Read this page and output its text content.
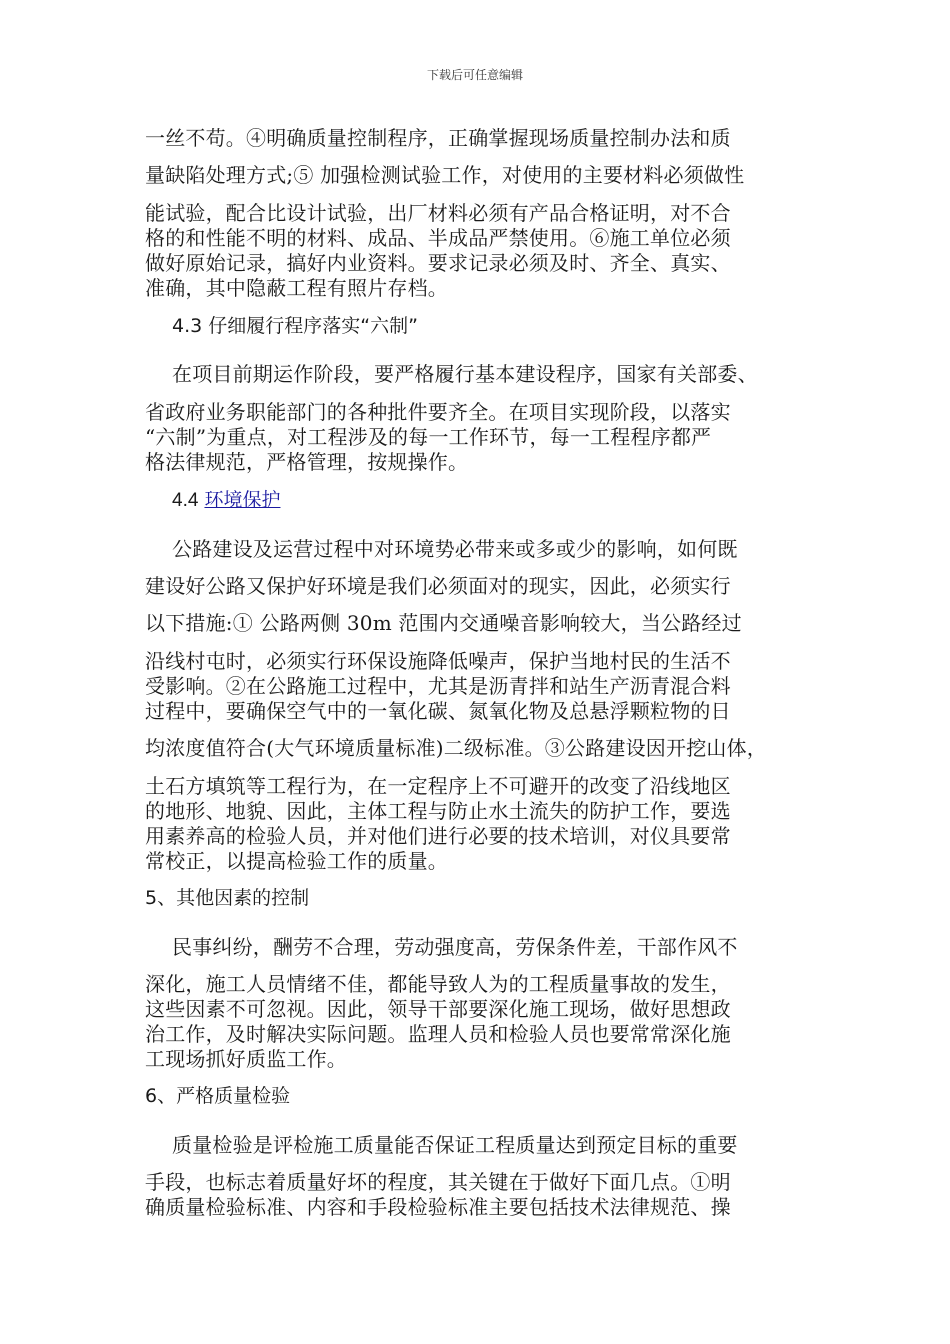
下载后可任意编辑
一丝不苟。④明确质量控制程序，正确掌握现场质量控制办法和质
量缺陷处理方式;⑤ 加强检测试验工作，对使用的主要材料必须做性
能试验，配合比设计试验，出厂材料必须有产品合格证明，对不合
格的和性能不明的材料、成品、半成品严禁使用。⑥施工单位必须
做好原始记录，搞好内业资料。要求记录必须及时、齐全、真实、
准确，其中隐蔽工程有照片存档。
4.3 仔细履行程序落实“六制”
在项目前期运作阶段，要严格履行基本建设程序，国家有关部委、
省政府业务职能部门的各种批件要齐全。在项目实现阶段，以落实
“六制”为重点，对工程涉及的每一工作环节，每一工程程序都严
格法律规范，严格管理，按规操作。
4.4 环境保护
公路建设及运营过程中对环境势必带来或多或少的影响，如何既
建设好公路又保护好环境是我们必须面对的现实，因此，必须实行
以下措施:① 公路两侧 30m 范围内交通噪音影响较大，当公路经过
沿线村屯时，必须实行环保设施降低噪声，保护当地村民的生活不
受影响。②在公路施工过程中，尤其是沥青拌和站生产沥青混合料
过程中，要确保空气中的一氧化碳、氮氧化物及总悬浮颗粒物的日
均浓度值符合(大气环境质量标准)二级标准。③公路建设因开挖山体，
土石方填筑等工程行为，在一定程序上不可避开的改变了沿线地区
的地形、地貌、因此，主体工程与防止水土流失的防护工作，要选
用素养高的检验人员，并对他们进行必要的技术培训，对仪具要常
常校正，以提高检验工作的质量。
5、其他因素的控制
民事纠纷，酬劳不合理，劳动强度高，劳保条件差，干部作风不
深化，施工人员情绪不佳，都能导致人为的工程质量事故的发生，
这些因素不可忽视。因此，领导干部要深化施工现场，做好思想政
治工作，及时解决实际问题。监理人员和检验人员也要常常深化施
工现场抓好质监工作。
6、严格质量检验
质量检验是评检施工质量能否保证工程质量达到预定目标的重要
手段，也标志着质量好坏的程度，其关键在于做好下面几点。①明
确质量检验标准、内容和手段检验标准主要包括技术法律规范、操
